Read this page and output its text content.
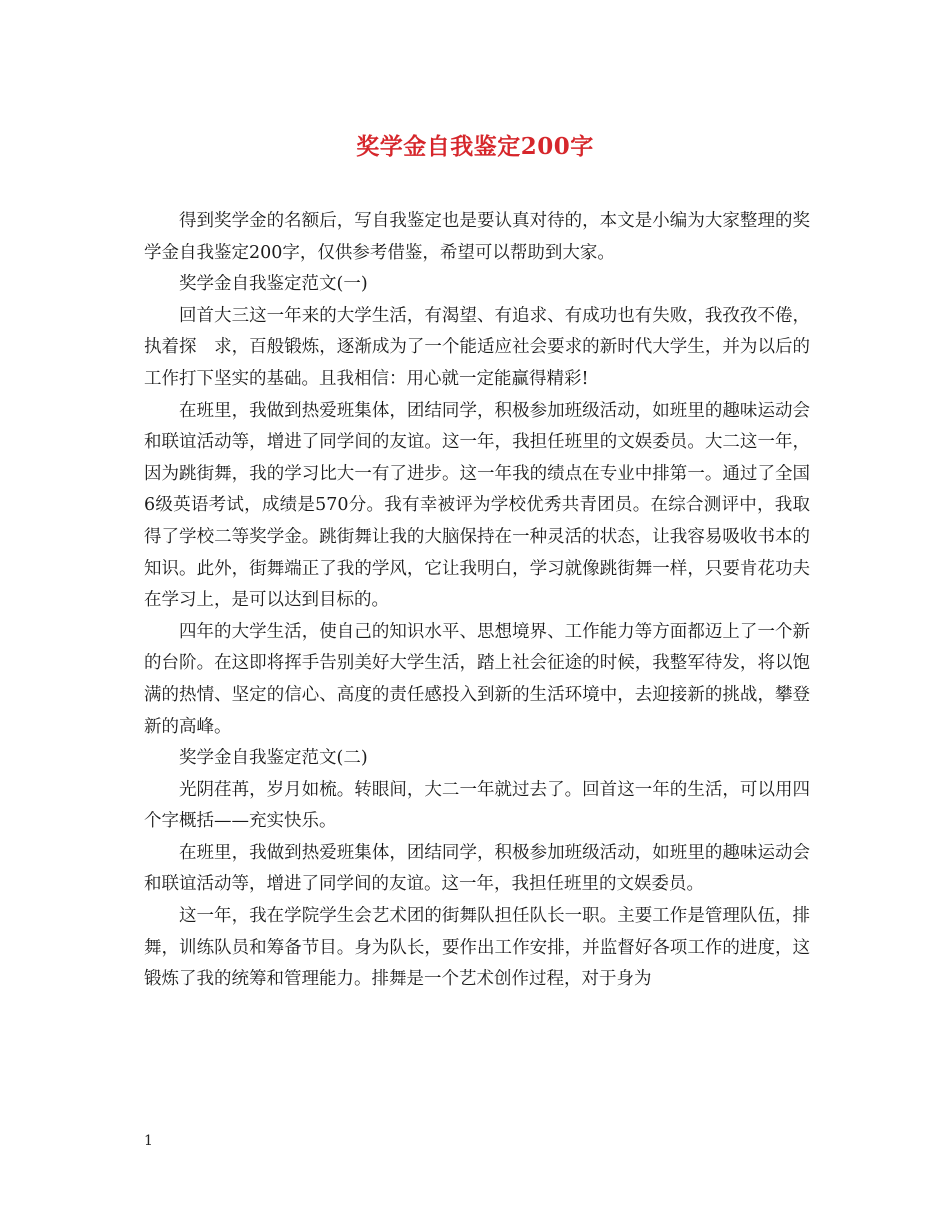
奖学金自我鉴定200字

得到奖学金的名额后，写自我鉴定也是要认真对待的，本文是小编为大家整理的奖学金自我鉴定200字，仅供参考借鉴，希望可以帮助到大家。

奖学金自我鉴定范文(一)

回首大三这一年来的大学生活，有渴望、有追求、有成功也有失败，我孜孜不倦，执着探　求，百般锻炼，逐渐成为了一个能适应社会要求的新时代大学生，并为以后的工作打下坚实的基础。且我相信：用心就一定能赢得精彩!

在班里，我做到热爱班集体，团结同学，积极参加班级活动，如班里的趣味运动会和联谊活动等，增进了同学间的友谊。这一年，我担任班里的文娱委员。大二这一年，因为跳街舞，我的学习比大一有了进步。这一年我的绩点在专业中排第一。通过了全国6级英语考试，成绩是570分。我有幸被评为学校优秀共青团员。在综合测评中，我取得了学校二等奖学金。跳街舞让我的大脑保持在一种灵活的状态，让我容易吸收书本的知识。此外，街舞端正了我的学风，它让我明白，学习就像跳街舞一样，只要肯花功夫在学习上，是可以达到目标的。

四年的大学生活，使自己的知识水平、思想境界、工作能力等方面都迈上了一个新的台阶。在这即将挥手告别美好大学生活，踏上社会征途的时候，我整军待发，将以饱满的热情、坚定的信心、高度的责任感投入到新的生活环境中，去迎接新的挑战，攀登新的高峰。

奖学金自我鉴定范文(二)

光阴荏苒，岁月如梳。转眼间，大二一年就过去了。回首这一年的生活，可以用四个字概括——充实快乐。

在班里，我做到热爱班集体，团结同学，积极参加班级活动，如班里的趣味运动会和联谊活动等，增进了同学间的友谊。这一年，我担任班里的文娱委员。

这一年，我在学院学生会艺术团的街舞队担任队长一职。主要工作是管理队伍，排舞，训练队员和筹备节目。身为队长，要作出工作安排，并监督好各项工作的进度，这锻炼了我的统筹和管理能力。排舞是一个艺术创作过程，对于身为

1
